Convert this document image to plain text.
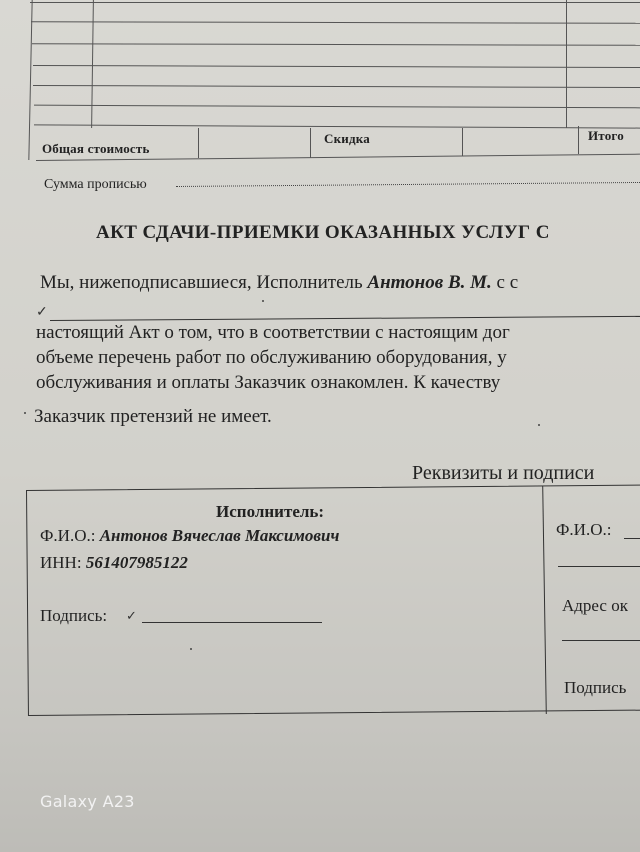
Общая стоимость
Скидка	Итого
Сумма прописью
АКТ СДАЧИ-ПРИЕМКИ ОКАЗАННЫХ УСЛУГ С
Мы, нижеподписавшиеся, Исполнитель Антонов В. М. с с
✓
настоящий Акт о том, что в соответствии с настоящим дог
объеме перечень работ по обслуживанию оборудования, у
обслуживания и оплаты Заказчик ознакомлен. К качеству
Заказчик претензий не имеет.
Реквизиты и подписи
Исполнитель:
Ф.И.О.: Антонов Вячеслав Максимович
ИНН: 561407985122
Подпись: ✓
Ф.И.О.:
Адрес ок
Подпись
Galaxy A23
